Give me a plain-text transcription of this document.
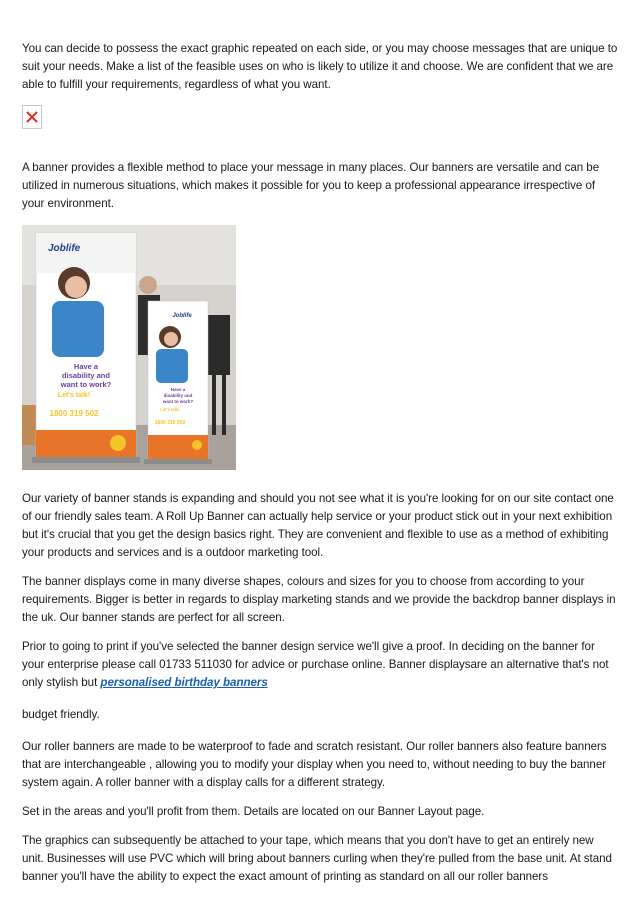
You can decide to possess the exact graphic repeated on each side, or you may choose messages that are unique to suit your needs. Make a list of the feasible uses on who is likely to utilize it and choose. We are confident that we are able to fulfill your requirements, regardless of what you want.

A banner provides a flexible method to place your message in many places. Our banners are versatile and can be utilized in numerous situations, which makes it possible for you to keep a professional appearance irrespective of your environment.

Joblife
Have a
disability and
want to work?
Let's talk!
Joblife Employment
1800 319 502
joblifeemployment.com.au
Joblife
Have a
disability and
want to work?
Let's talk!
Joblife Employment
1800 319 502
joblifeemployment.com.au

Our variety of banner stands is expanding and should you not see what it is you're looking for on our site contact one of our friendly sales team. A Roll Up Banner can actually help service or your product stick out in your next exhibition but it's crucial that you get the design basics right. They are convenient and flexible to use as a method of exhibiting your products and services and is a outdoor marketing tool.

The banner displays come in many diverse shapes, colours and sizes for you to choose from according to your requirements. Bigger is better in regards to display marketing stands and we provide the backdrop banner displays in the uk. Our banner stands are perfect for all screen.

Prior to going to print if you've selected the banner design service we'll give a proof. In deciding on the banner for your enterprise please call 01733 511030 for advice or purchase online. Banner displaysare an alternative that's not only stylish but personalised birthday banners

budget friendly.

Our roller banners are made to be waterproof to fade and scratch resistant. Our roller banners also feature banners that are interchangeable , allowing you to modify your display when you need to, without needing to buy the banner system again. A roller banner with a display calls for a different strategy.

Set in the areas and you'll profit from them. Details are located on our Banner Layout page.

The graphics can subsequently be attached to your tape, which means that you don't have to get an entirely new unit. Businesses will use PVC which will bring about banners curling when they're pulled from the base unit. At stand banner you'll have the ability to expect the exact amount of printing as standard on all our roller banners
